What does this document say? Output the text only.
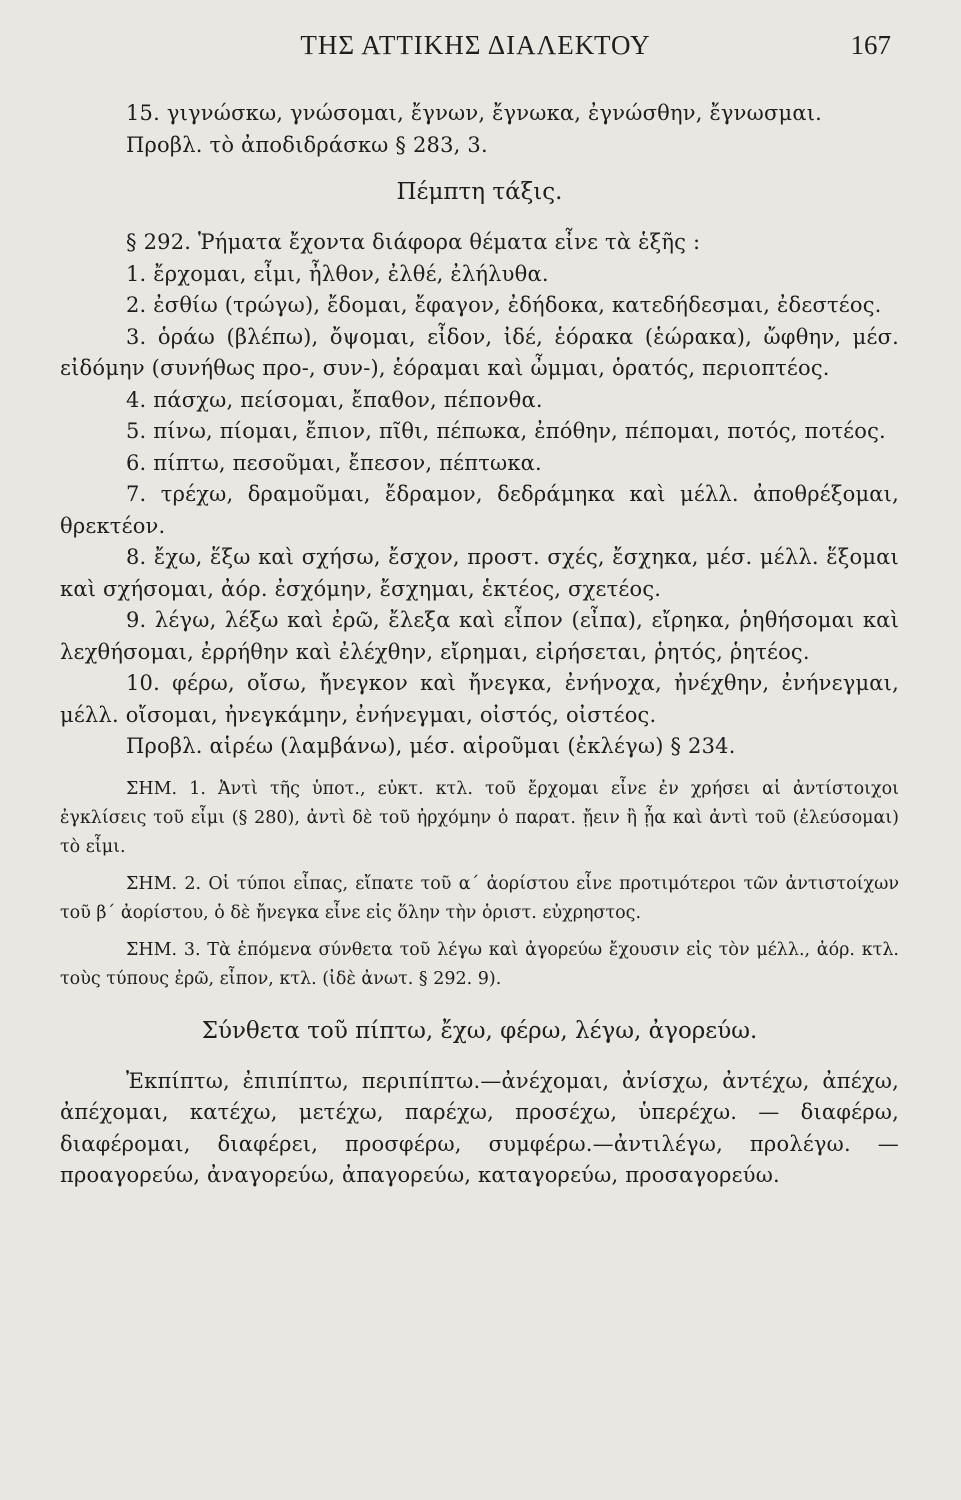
ΤΗΣ ΑΤΤΙΚΗΣ ΔΙΑΛΕΚΤΟΥ	167

15. γιγνώσκω, γνώσομαι, ἔγνων, ἔγνωκα, ἐγνώσθην, ἔγνωσμαι.

Προβλ. τὸ ἀποδιδράσκω § 283, 3.

Πέμπτη τάξις.

§ 292. Ῥήματα ἔχοντα διάφορα θέματα εἶνε τὰ ἑξῆς :

1. ἔρχομαι, εἶμι, ἦλθον, ἐλθέ, ἐλήλυθα.

2. ἐσθίω (τρώγω), ἔδομαι, ἔφαγον, ἐδήδοκα, κατεδήδεσμαι, ἐδεστέος.

3. ὁράω (βλέπω), ὄψομαι, εἶδον, ἰδέ, ἑόρακα (ἑώρακα), ὤφθην, μέσ. εἰδόμην (συνήθως προ-, συν-), ἑόραμαι καὶ ὦμμαι, ὁρατός, περιοπτέος.

4. πάσχω, πείσομαι, ἔπαθον, πέπονθα.

5. πίνω, πίομαι, ἔπιον, πῖθι, πέπωκα, ἐπόθην, πέπομαι, ποτός, ποτέος.

6. πίπτω, πεσοῦμαι, ἔπεσον, πέπτωκα.

7. τρέχω, δραμοῦμαι, ἔδραμον, δεδράμηκα καὶ μέλλ. ἀποθρέξομαι, θρεκτέον.

8. ἔχω, ἕξω καὶ σχήσω, ἔσχον, προστ. σχές, ἔσχηκα, μέσ. μέλλ. ἕξομαι καὶ σχήσομαι, ἀόρ. ἐσχόμην, ἔσχημαι, ἑκτέος, σχετέος.

9. λέγω, λέξω καὶ ἐρῶ, ἔλεξα καὶ εἶπον (εἶπα), εἴρηκα, ῥηθήσομαι καὶ λεχθήσομαι, ἐρρήθην καὶ ἐλέχθην, εἴρημαι, εἰρήσεται, ῥητός, ῥητέος.

10. φέρω, οἴσω, ἤνεγκον καὶ ἤνεγκα, ἐνήνοχα, ἠνέχθην, ἐνήνεγμαι, μέλλ. οἴσομαι, ἠνεγκάμην, ἐνήνεγμαι, οἰστός, οἰστέος.

Προβλ. αἱρέω (λαμβάνω), μέσ. αἱροῦμαι (ἐκλέγω) § 234.

ΣΗΜ. 1. Ἀντὶ τῆς ὑποτ., εὐκτ. κτλ. τοῦ ἔρχομαι εἶνε ἐν χρήσει αἱ ἀντίστοιχοι ἐγκλίσεις τοῦ εἶμι (§ 280), ἀντὶ δὲ τοῦ ἠρχόμην ὁ παρατ. ᾔειν ἢ ᾖα καὶ ἀντὶ τοῦ (ἐλεύσομαι) τὸ εἶμι.

ΣΗΜ. 2. Οἱ τύποι εἶπας, εἴπατε τοῦ α΄ ἀορίστου εἶνε προτιμότεροι τῶν ἀντιστοίχων τοῦ β΄ ἀορίστου, ὁ δὲ ἤνεγκα εἶνε εἰς ὅλην τὴν ὁριστ. εὐχρηστος.

ΣΗΜ. 3. Τὰ ἑπόμενα σύνθετα τοῦ λέγω καὶ ἀγορεύω ἔχουσιν εἰς τὸν μέλλ., ἀόρ. κτλ. τοὺς τύπους ἐρῶ, εἶπον, κτλ. (ἰδὲ ἀνωτ. § 292. 9).

Σύνθετα τοῦ πίπτω, ἔχω, φέρω, λέγω, ἀγορεύω.

Ἐκπίπτω, ἐπιπίπτω, περιπίπτω.—ἀνέχομαι, ἀνίσχω, ἀντέχω, ἀπέχω, ἀπέχομαι, κατέχω, μετέχω, παρέχω, προσέχω, ὑπερέχω. — διαφέρω, διαφέρομαι, διαφέρει, προσφέρω, συμφέρω.—ἀντιλέγω, προλέγω. — προαγορεύω, ἀναγορεύω, ἀπαγορεύω, καταγορεύω, προσαγορεύω.
